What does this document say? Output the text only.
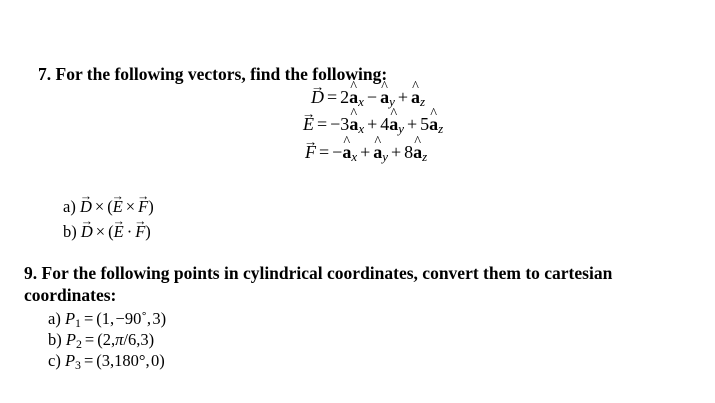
7. For the following vectors, find the following:
→ D = 2^ $a_x$ − ^ $a_y$ + ^ $a_z$
→ E = −3^ $a_x$ + 4^ $a_y$ + 5^ $a_z$
→ F = −^ $a_x$ + ^ $a_y$ + 8^ $a_z$
a) → D × (→ E × → F)
b) → D × (→ E · → F)
9. For the following points in cylindrical coordinates, convert them to cartesian
coordinates:
a) $P_1 = (1$, −90˚, 3)
b) $P_2 = (2,\pi/6,3)$
c) $P_3 = (3,180^\circ$, 0)
